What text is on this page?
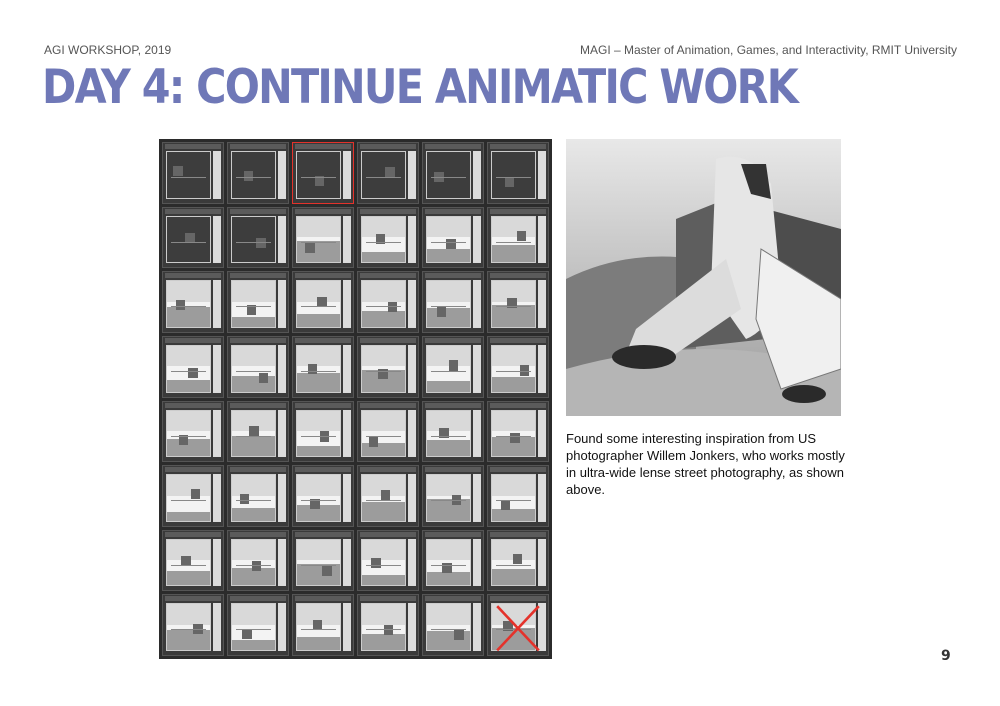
AGI WORKSHOP, 2019	MAGI – Master of Animation, Games, and Interactivity, RMIT University
DAY 4: CONTINUE ANIMATIC WORK

Found some interesting inspiration from US photographer Willem Jonkers, who works mostly in ultra-wide lense street photography, as shown above.

9
